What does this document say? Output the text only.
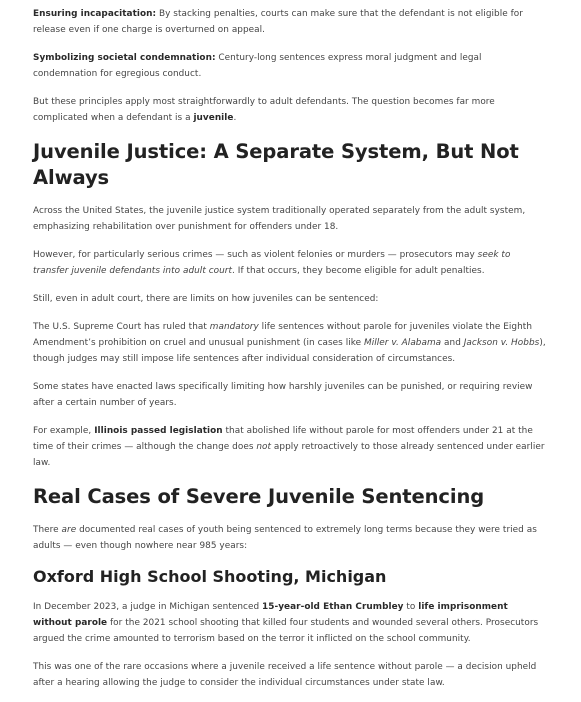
Ensuring incapacitation: By stacking penalties, courts can make sure that the defendant is not eligible for release even if one charge is overturned on appeal.

Symbolizing societal condemnation: Century-long sentences express moral judgment and legal condemnation for egregious conduct.

But these principles apply most straightforwardly to adult defendants. The question becomes far more complicated when a defendant is a juvenile.

Juvenile Justice: A Separate System, But Not Always

Across the United States, the juvenile justice system traditionally operated separately from the adult system, emphasizing rehabilitation over punishment for offenders under 18.

However, for particularly serious crimes — such as violent felonies or murders — prosecutors may seek to transfer juvenile defendants into adult court. If that occurs, they become eligible for adult penalties.

Still, even in adult court, there are limits on how juveniles can be sentenced:

The U.S. Supreme Court has ruled that mandatory life sentences without parole for juveniles violate the Eighth Amendment’s prohibition on cruel and unusual punishment (in cases like Miller v. Alabama and Jackson v. Hobbs), though judges may still impose life sentences after individual consideration of circumstances.

Some states have enacted laws specifically limiting how harshly juveniles can be punished, or requiring review after a certain number of years.

For example, Illinois passed legislation that abolished life without parole for most offenders under 21 at the time of their crimes — although the change does not apply retroactively to those already sentenced under earlier law.

Real Cases of Severe Juvenile Sentencing

There are documented real cases of youth being sentenced to extremely long terms because they were tried as adults — even though nowhere near 985 years:

Oxford High School Shooting, Michigan

In December 2023, a judge in Michigan sentenced 15-year-old Ethan Crumbley to life imprisonment without parole for the 2021 school shooting that killed four students and wounded several others. Prosecutors argued the crime amounted to terrorism based on the terror it inflicted on the school community.

This was one of the rare occasions where a juvenile received a life sentence without parole — a decision upheld after a hearing allowing the judge to consider the individual circumstances under state law.
